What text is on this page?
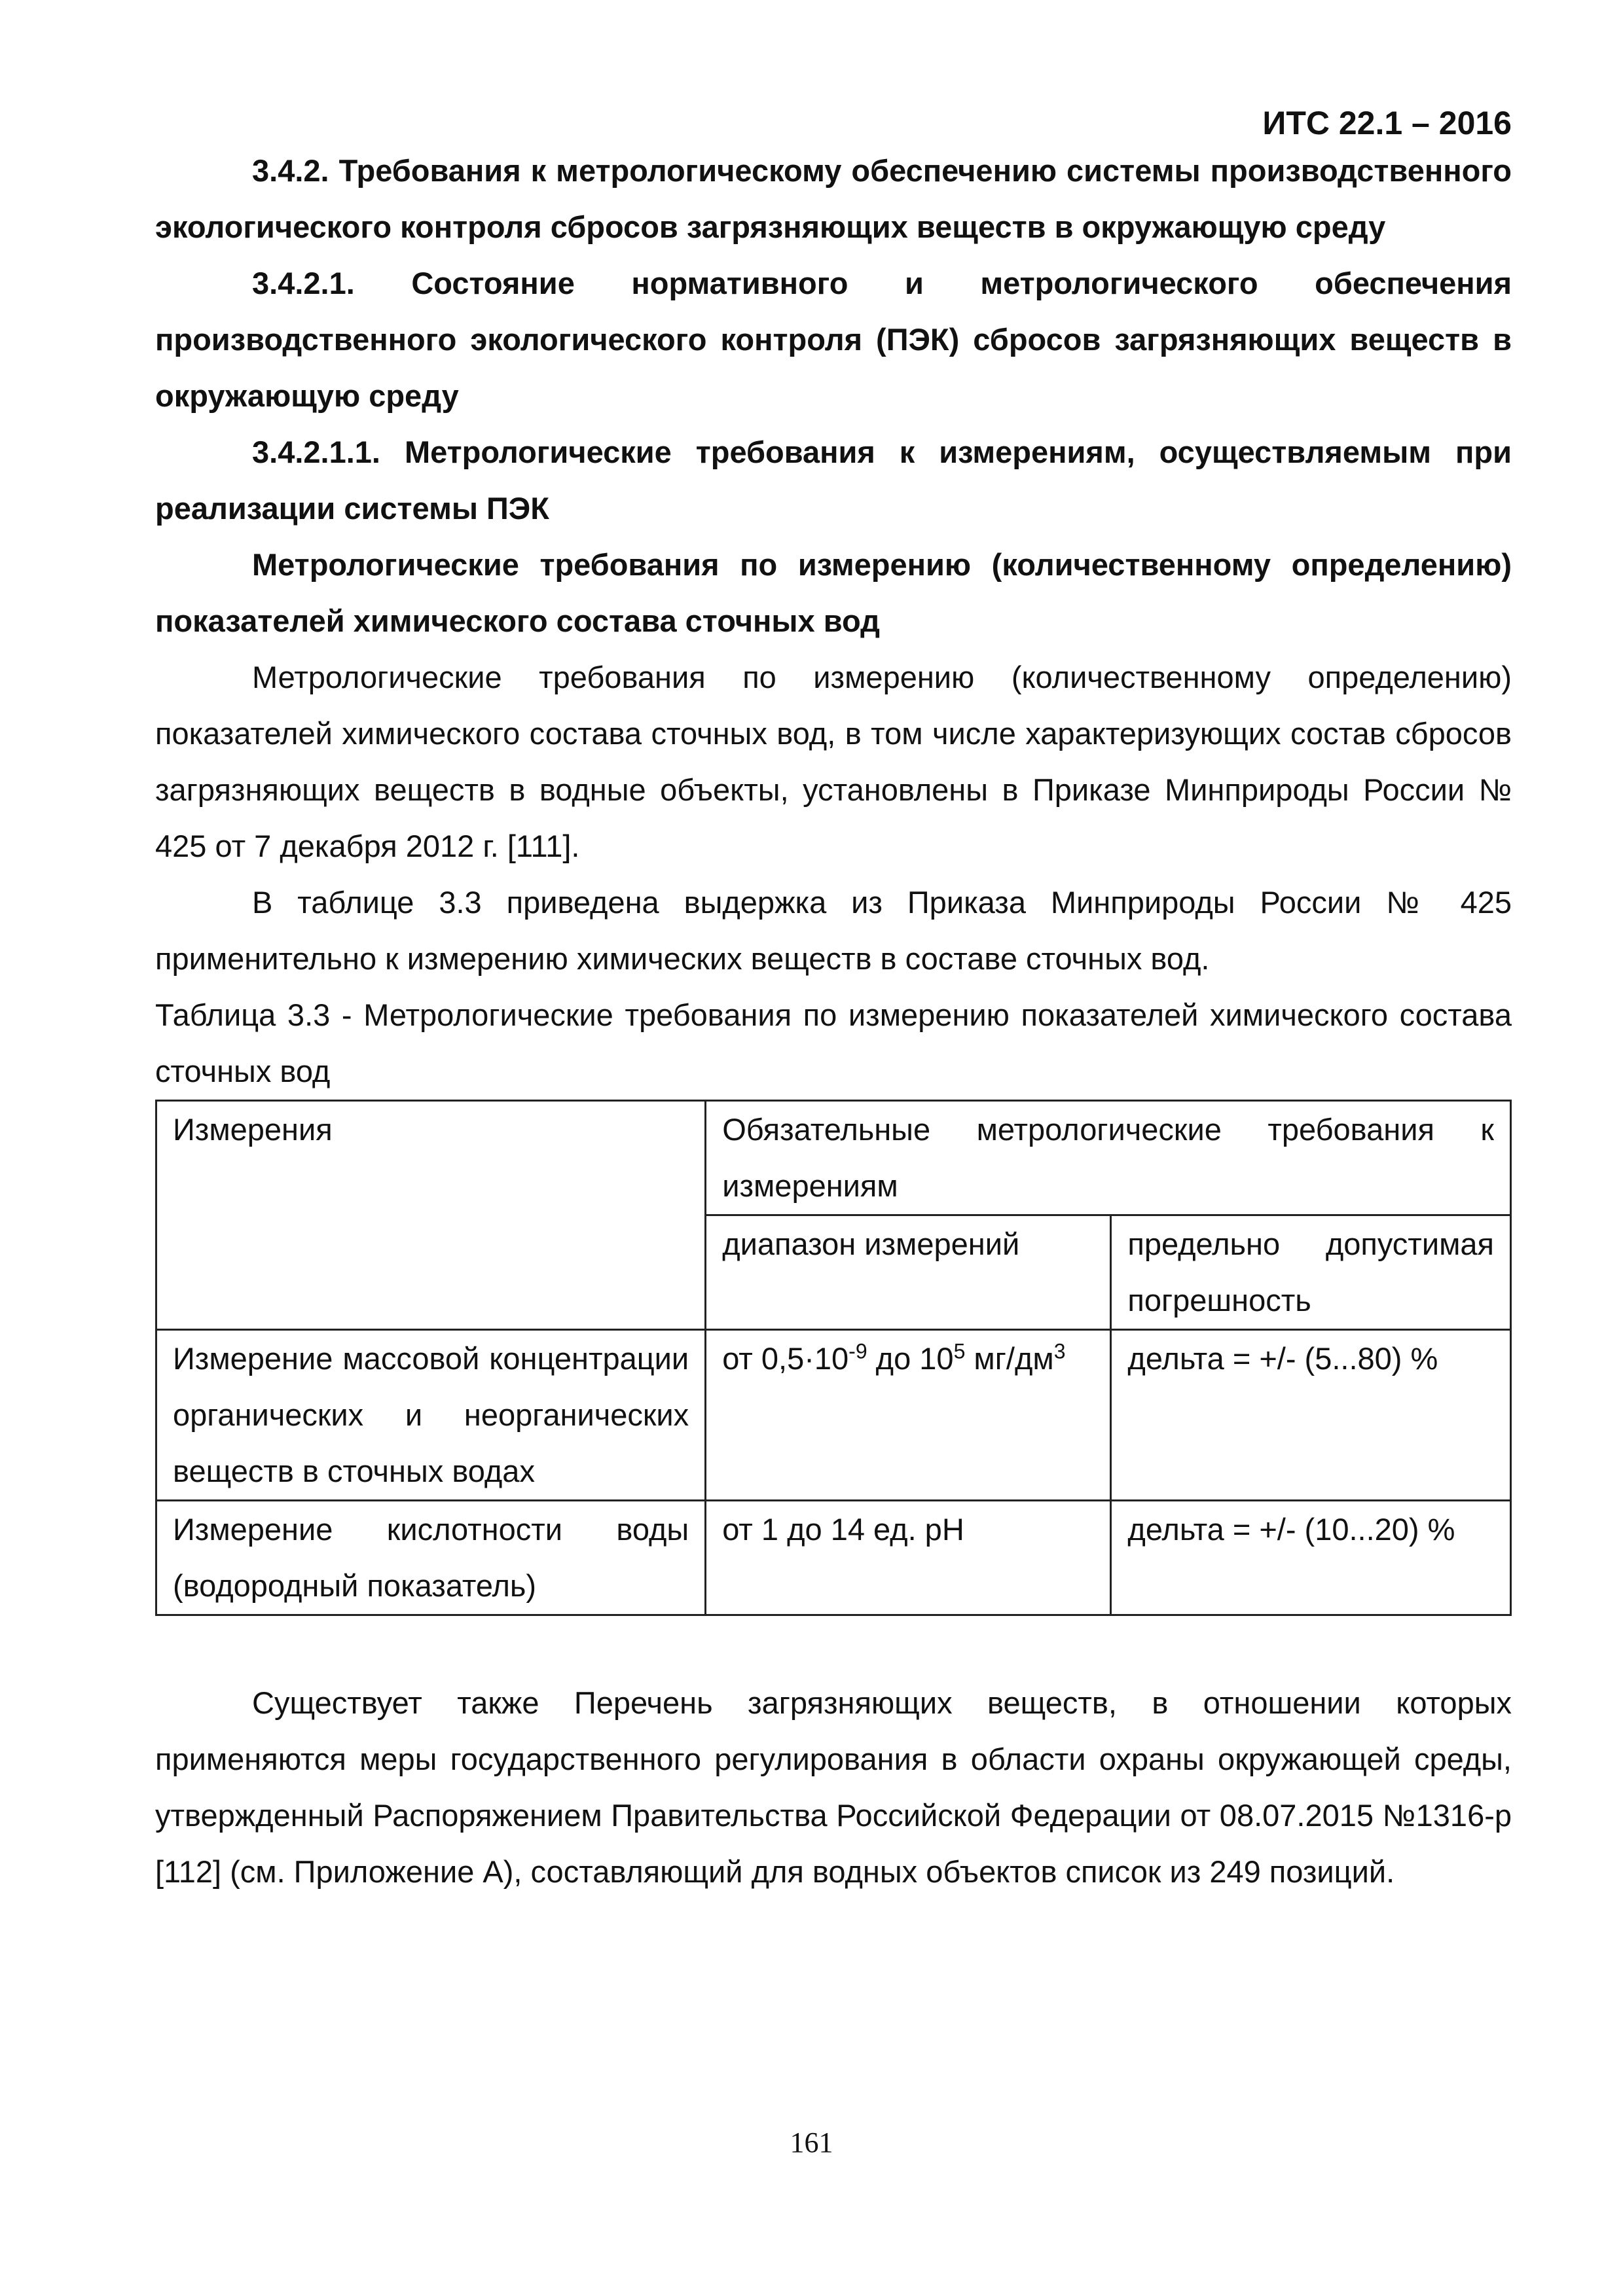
ИТС 22.1 – 2016

3.4.2. Требования к метрологическому обеспечению системы производственного экологического контроля сбросов загрязняющих веществ в окружающую среду

3.4.2.1. Состояние нормативного и метрологического обеспечения производственного экологического контроля (ПЭК) сбросов загрязняющих веществ в окружающую среду

3.4.2.1.1. Метрологические требования к измерениям, осуществляемым при реализации системы ПЭК

Метрологические требования по измерению (количественному определению) показателей химического состава сточных вод

Метрологические требования по измерению (количественному определению) показателей химического состава сточных вод, в том числе характеризующих состав сбросов загрязняющих веществ в водные объекты, установлены в Приказе Минприроды России № 425 от 7 декабря 2012 г. [111].

В таблице 3.3 приведена выдержка из Приказа Минприроды России № 425 применительно к измерению химических веществ в составе сточных вод.

Таблица 3.3 - Метрологические требования по измерению показателей химического состава сточных вод

Измерения	Обязательные метрологические требования к измерениям	
	диапазон измерений	предельно допустимая погрешность
Измерение массовой концентрации органических и неорганических веществ в сточных водах	от $0,5\cdot 10^{-9}$ до $10^5$ $мг/дм^3$	дельта = +/- (5...80) %
Измерение кислотности воды (водородный показатель)	от 1 до 14 ед. pH	дельта = +/- (10...20) %

Существует также Перечень загрязняющих веществ, в отношении которых применяются меры государственного регулирования в области охраны окружающей среды, утвержденный Распоряжением Правительства Российской Федерации от 08.07.2015 №1316-р [112] (см. Приложение А), составляющий для водных объектов список из 249 позиций.

161
